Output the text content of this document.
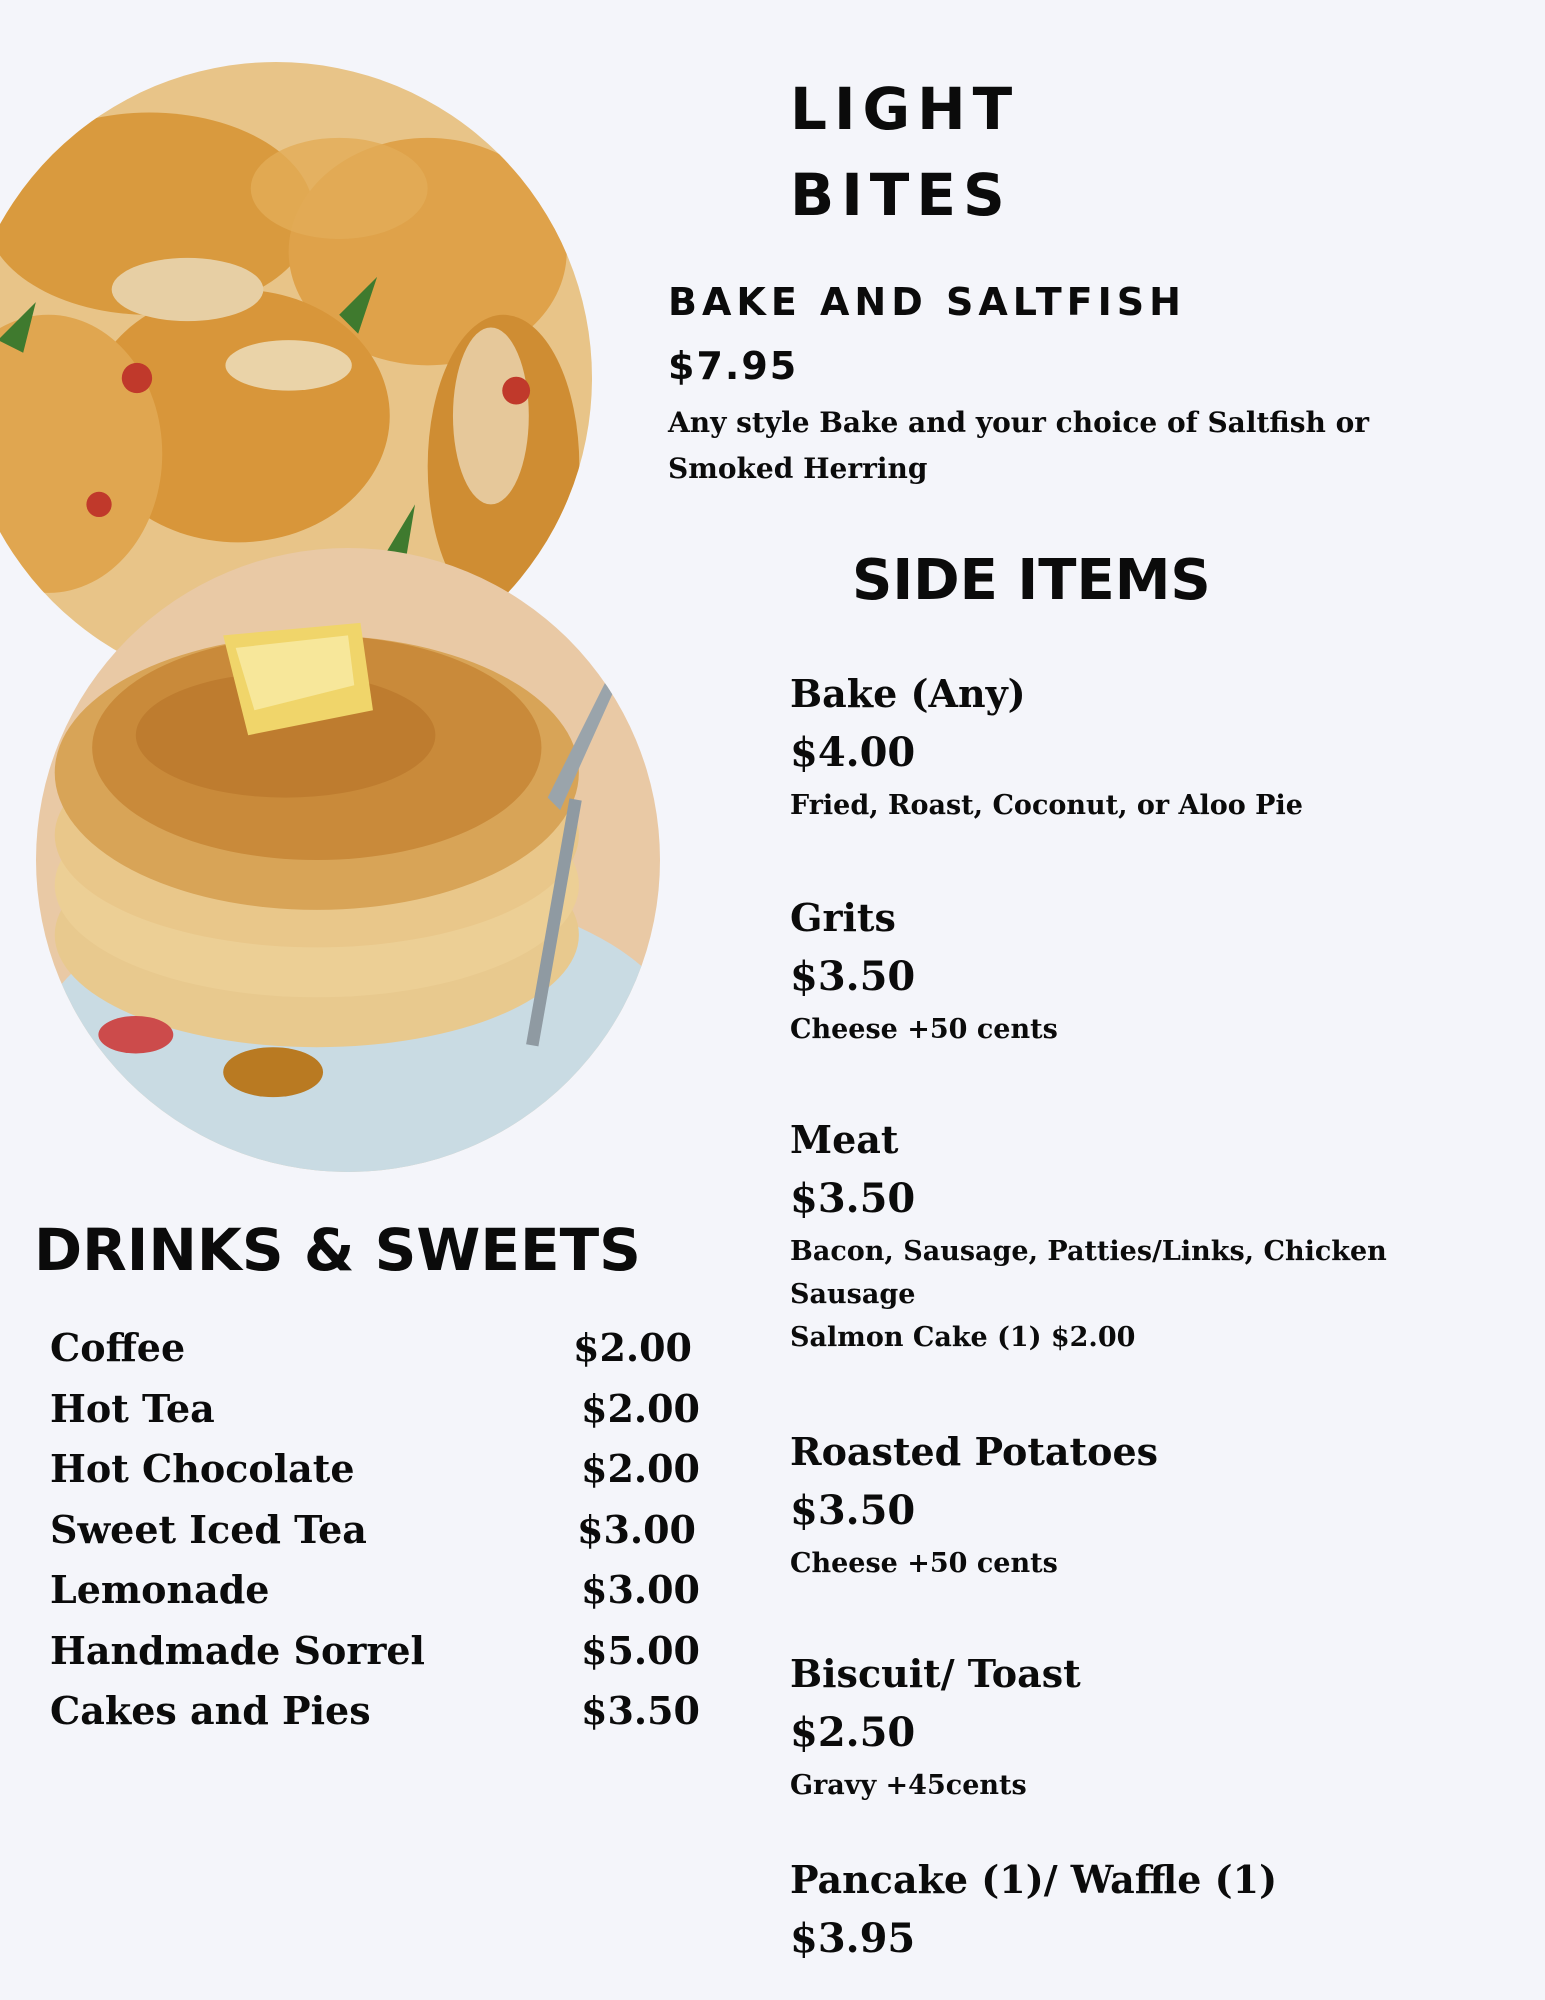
LIGHT
BITES
BAKE AND SALTFISH
$7.95
Any style Bake and your choice of Saltfish or Smoked Herring
SIDE ITEMS
Bake (Any)
$4.00
Fried, Roast, Coconut, or Aloo Pie
Grits
$3.50
Cheese +50 cents
Meat
$3.50
Bacon, Sausage, Patties/Links, Chicken Sausage
Salmon Cake (1) $2.00
Roasted Potatoes
$3.50
Cheese +50 cents
Biscuit/ Toast
$2.50
Gravy +45cents
Pancake (1)/ Waffle (1)
$3.95
DRINKS & SWEETS
Coffee	$2.00
Hot Tea	$2.00
Hot Chocolate	$2.00
Sweet Iced Tea	$3.00
Lemonade	$3.00
Handmade Sorrel	$5.00
Cakes and Pies	$3.50
